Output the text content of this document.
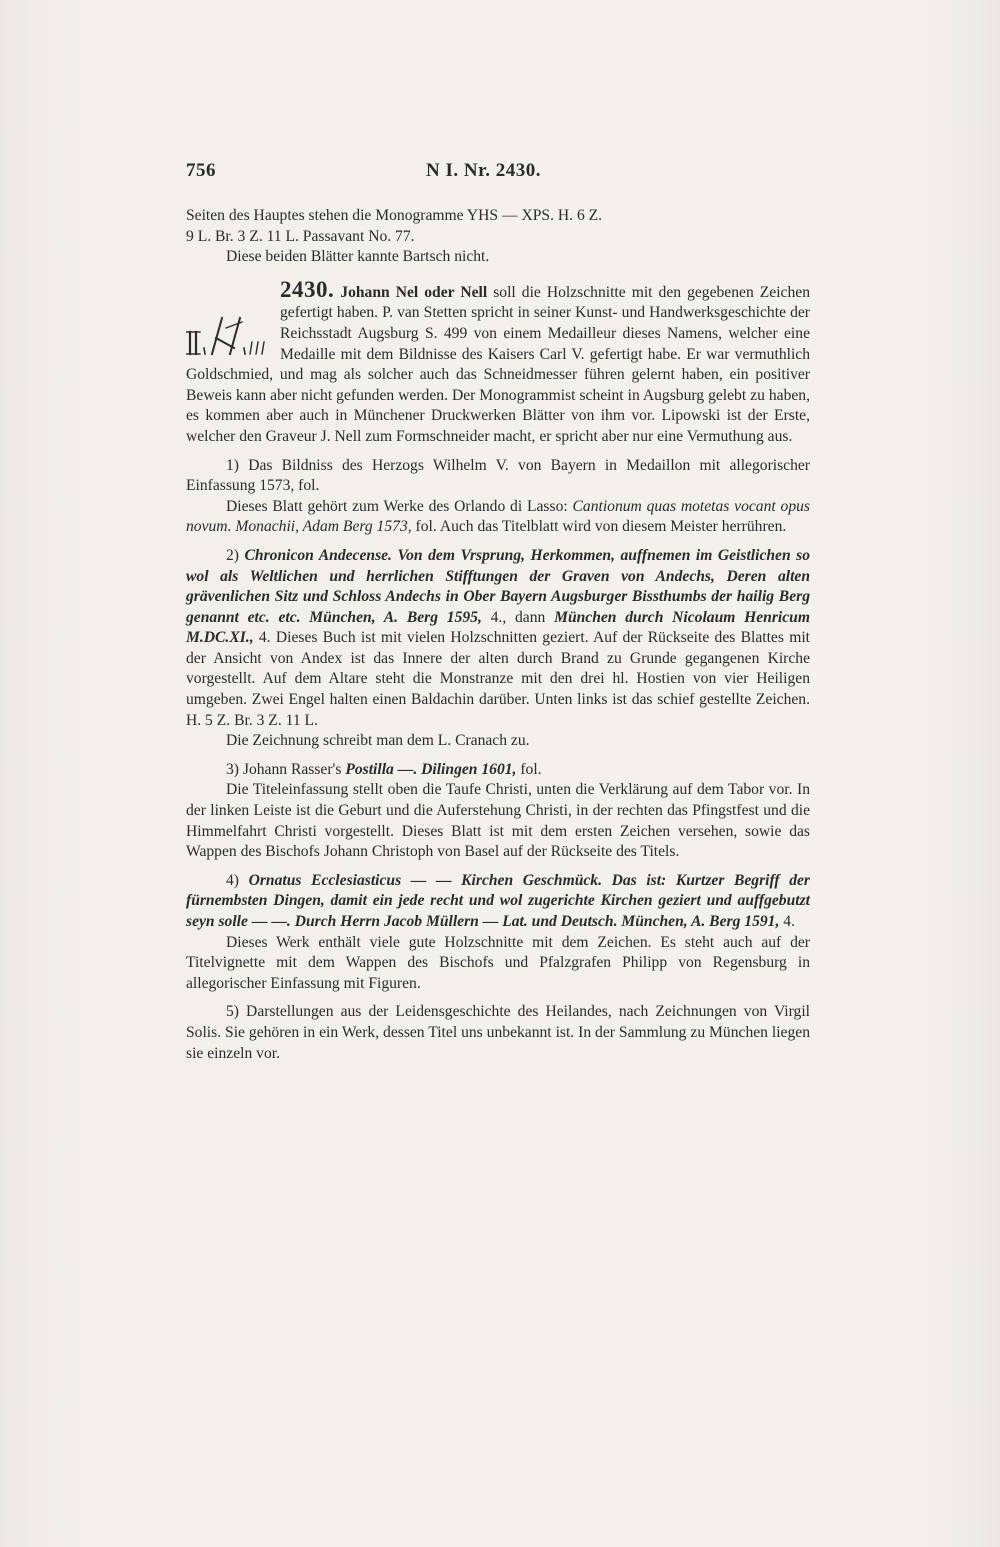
756	N I. Nr. 2430.

Seiten des Hauptes stehen die Monogramme YHS — XPS. H. 6 Z.

9 L. Br. 3 Z. 11 L. Passavant No. 77.

Diese beiden Blätter kannte Bartsch nicht.

2430. Johann Nel oder Nell soll die Holzschnitte mit den gegebenen Zeichen gefertigt haben. P. van Stetten spricht in seiner Kunst- und Handwerksgeschichte der Reichsstadt Augsburg S. 499 von einem Medailleur dieses Namens, welcher eine Medaille mit dem Bildnisse des Kaisers Carl V. gefertigt habe. Er war vermuthlich Goldschmied, und mag als solcher auch das Schneidmesser führen gelernt haben, ein positiver Beweis kann aber nicht gefunden werden. Der Monogrammist scheint in Augsburg gelebt zu haben, es kommen aber auch in Münchener Druckwerken Blätter von ihm vor. Lipowski ist der Erste, welcher den Graveur J. Nell zum Formschneider macht, er spricht aber nur eine Vermuthung aus.

1) Das Bildniss des Herzogs Wilhelm V. von Bayern in Medaillon mit allegorischer Einfassung 1573, fol.

Dieses Blatt gehört zum Werke des Orlando di Lasso: Cantionum quas motetas vocant opus novum. Monachii, Adam Berg 1573, fol. Auch das Titelblatt wird von diesem Meister herrühren.

2) Chronicon Andecense. Von dem Vrsprung, Herkommen, auffnemen im Geistlichen so wol als Weltlichen und herrlichen Stifftungen der Graven von Andechs, Deren alten grävenlichen Sitz und Schloss Andechs in Ober Bayern Augsburger Bissthumbs der hailig Berg genannt etc. etc. München, A. Berg 1595, 4., dann München durch Nicolaum Henricum M.DC.XI., 4. Dieses Buch ist mit vielen Holzschnitten geziert. Auf der Rückseite des Blattes mit der Ansicht von Andex ist das Innere der alten durch Brand zu Grunde gegangenen Kirche vorgestellt. Auf dem Altare steht die Monstranze mit den drei hl. Hostien von vier Heiligen umgeben. Zwei Engel halten einen Baldachin darüber. Unten links ist das schief gestellte Zeichen. H. 5 Z. Br. 3 Z. 11 L.

Die Zeichnung schreibt man dem L. Cranach zu.

3) Johann Rasser's Postilla —. Dilingen 1601, fol.

Die Titeleinfassung stellt oben die Taufe Christi, unten die Verklärung auf dem Tabor vor. In der linken Leiste ist die Geburt und die Auferstehung Christi, in der rechten das Pfingstfest und die Himmelfahrt Christi vorgestellt. Dieses Blatt ist mit dem ersten Zeichen versehen, sowie das Wappen des Bischofs Johann Christoph von Basel auf der Rückseite des Titels.

4) Ornatus Ecclesiasticus — — Kirchen Geschmück. Das ist: Kurtzer Begriff der fürnembsten Dingen, damit ein jede recht und wol zugerichte Kirchen geziert und auffgebutzt seyn solle — —. Durch Herrn Jacob Müllern — Lat. und Deutsch. München, A. Berg 1591, 4.

Dieses Werk enthält viele gute Holzschnitte mit dem Zeichen. Es steht auch auf der Titelvignette mit dem Wappen des Bischofs und Pfalzgrafen Philipp von Regensburg in allegorischer Einfassung mit Figuren.

5) Darstellungen aus der Leidensgeschichte des Heilandes, nach Zeichnungen von Virgil Solis. Sie gehören in ein Werk, dessen Titel uns unbekannt ist. In der Sammlung zu München liegen sie einzeln vor.
